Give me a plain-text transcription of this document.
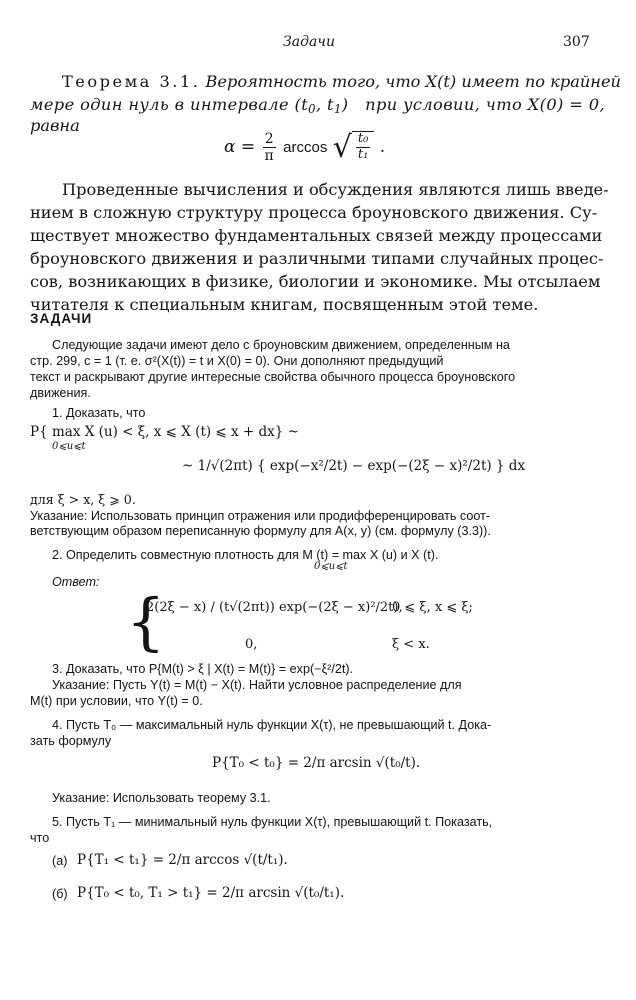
Задачи	307
Теорема 3.1. Вероятность того, что X(t) имеет по крайней
мере один нуль в интервале ($t_0$, $t_1$)   при условии, что X(0) = 0,
равна
$\alpha = \frac{2}{\pi}$ arccos √ $\frac{\text{t₀}}{\text{t₁}}$ .
Проведенные вычисления и обсуждения являются лишь введе-
нием в сложную структуру процесса броуновского движения. Су-
ществует множество фундаментальных связей между процессами
броуновского движения и различными типами случайных процес-
сов, возникающих в физике, биологии и экономике. Мы отсылаем
читателя к специальным книгам, посвященным этой теме.
ЗАДАЧИ
Следующие задачи имеют дело с броуновским движением, определенным на
стр. 299, c = 1 (т. е. σ²(X(t)) = t и X(0) = 0). Они дополняют предыдущий
текст и раскрывают другие интересные свойства обычного процесса броуновского
движения.
1. Доказать, что
P{ max X (u) < ξ, x ⩽ X (t) ⩽ x + dx} ~
0⩽u⩽t
~ 1/√(2πt) { exp(−x²/2t) − exp(−(2ξ − x)²/2t) } dx
для ξ > x, ξ ⩾ 0.
Указание: Использовать принцип отражения или продифференцировать соот-
ветствующим образом переписанную формулу для A(x, y) (см. формулу (3.3)).
2. Определить совместную плотность для M (t) = max X (u) и X (t).
0⩽u⩽t
Ответ:
{
2(2ξ − x) / (t√(2πt)) exp(−(2ξ − x)²/2t),
0 ⩽ ξ, x ⩽ ξ;
0,	ξ < x.
3. Доказать, что P{M(t) > ξ | X(t) = M(t)} = exp(−ξ²/2t).
Указание: Пусть Y(t) = M(t) − X(t). Найти условное распределение для
M(t) при условии, что Y(t) = 0.
4. Пусть T₀ — максимальный нуль функции X(τ), не превышающий t. Дока-
зать формулу
P{T₀ < t₀} = 2/π arcsin √(t₀/t).
Указание: Использовать теорему 3.1.
5. Пусть T₁ — минимальный нуль функции X(τ), превышающий t. Показать,
что
(а) P{T₁ < t₁} = 2/π arccos √(t/t₁).
(б) P{T₀ < t₀, T₁ > t₁} = 2/π arcsin √(t₀/t₁).
